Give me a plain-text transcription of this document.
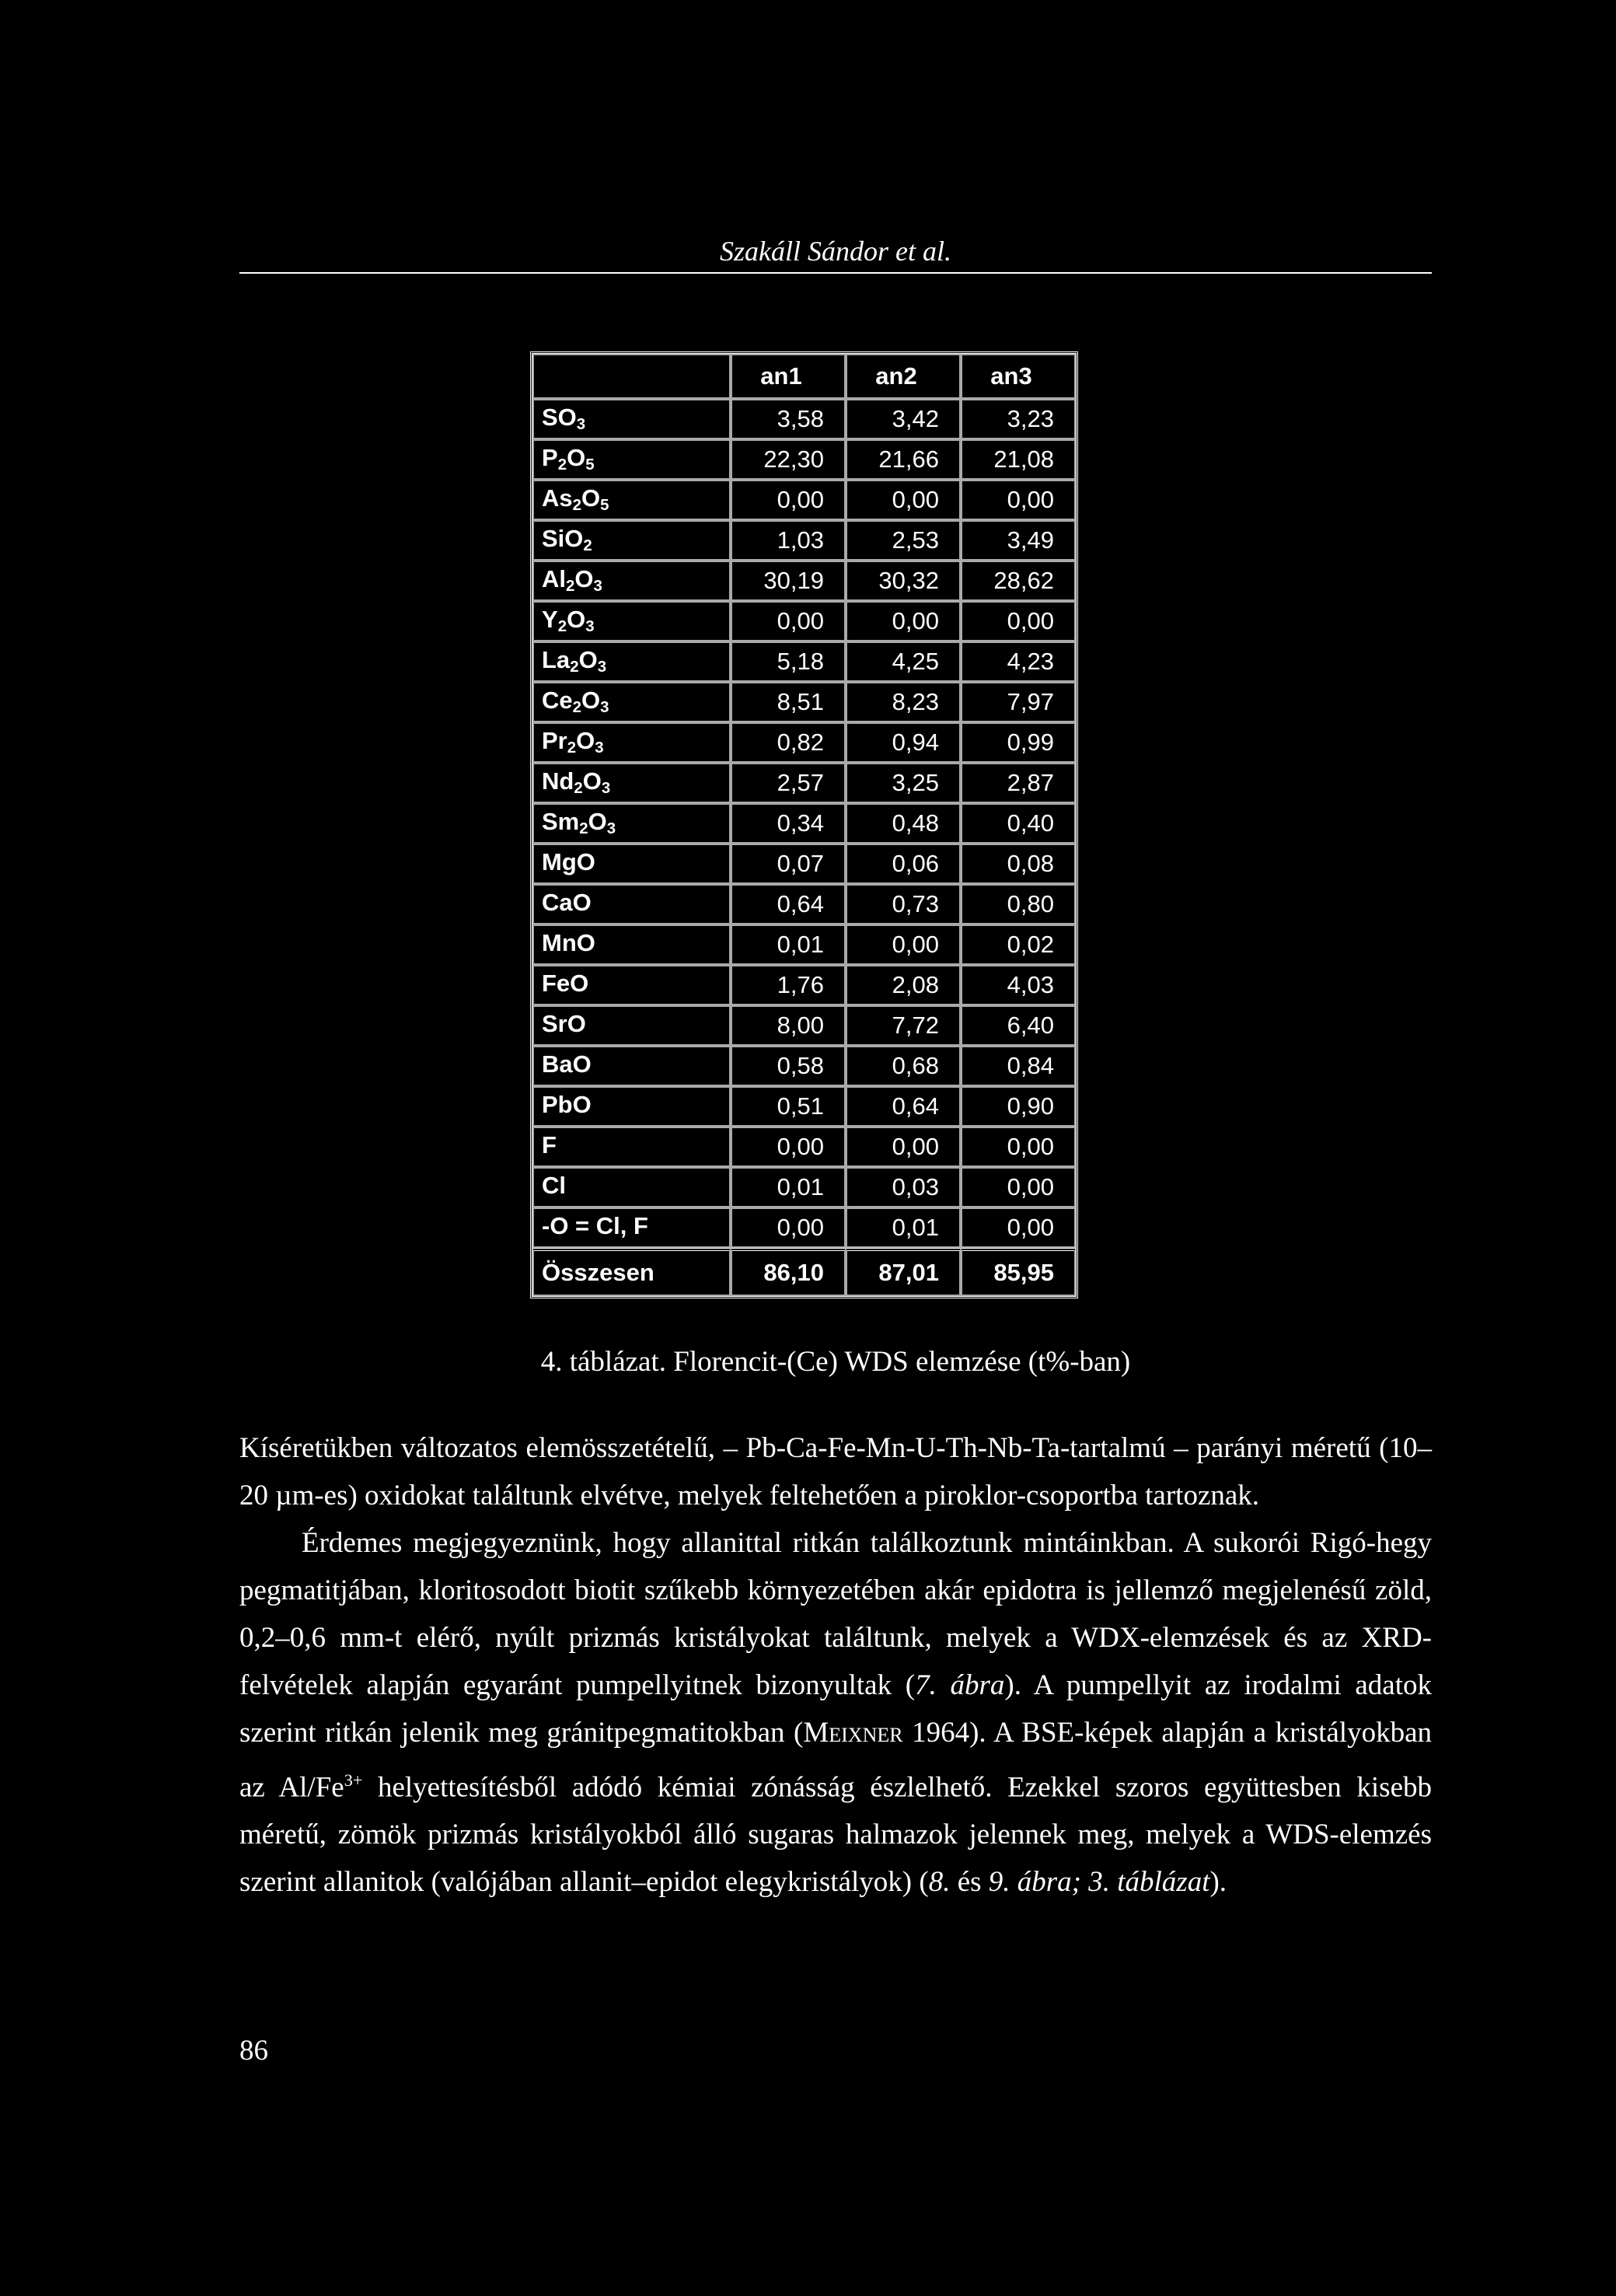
Szakáll Sándor et al.
	an1	an2	an3
$SO_3$	3,58	3,42	3,23
$P_2O_5$	22,30	21,66	21,08
$As_2O_5$	0,00	0,00	0,00
SiO$_2$	1,03	2,53	3,49
$Al_2O_3$	30,19	30,32	28,62
$Y_2O_3$	0,00	0,00	0,00
$La_2O_3$	5,18	4,25	4,23
$Ce_2O_3$	8,51	8,23	7,97
$Pr_2O_3$	0,82	0,94	0,99
$Nd_2O_3$	2,57	3,25	2,87
$Sm_2O_3$	0,34	0,48	0,40
MgO	0,07	0,06	0,08
CaO	0,64	0,73	0,80
MnO	0,01	0,00	0,02
FeO	1,76	2,08	4,03
SrO	8,00	7,72	6,40
BaO	0,58	0,68	0,84
PbO	0,51	0,64	0,90
F	0,00	0,00	0,00
Cl	0,01	0,03	0,00
-O = Cl, F	0,00	0,01	0,00
Összesen	86,10	87,01	85,95
4. táblázat. Florencit-(Ce) WDS elemzése (t%-ban)

Kíséretükben változatos elemösszetételű, – Pb-Ca-Fe-Mn-U-Th-Nb-Ta-tartalmú – parányi méretű (10–20 µm-es) oxidokat találtunk elvétve, melyek feltehetően a piroklor-csoportba tartoznak.

Érdemes megjegyeznünk, hogy allanittal ritkán találkoztunk mintáinkban. A sukorói Rigó-hegy pegmatitjában, kloritosodott biotit szűkebb környezetében akár epidotra is jellemző megjelenésű zöld, 0,2–0,6 mm-t elérő, nyúlt prizmás kristályokat találtunk, melyek a WDX-elemzések és az XRD-felvételek alapján egyaránt pumpellyitnek bizonyultak (7. ábra). A pumpellyit az irodalmi adatok szerint ritkán jelenik meg gránitpegmatitokban (Meixner 1964). A BSE-képek alapján a kristályokban az $Al/Fe^{3+}$ helyettesítésből adódó kémiai zónásság észlelhető. Ezekkel szoros együttesben kisebb méretű, zömök prizmás kristályokból álló sugaras halmazok jelennek meg, melyek a WDS-elemzés szerint allanitok (valójában allanit–epidot elegykristályok) (8. és 9. ábra; 3. táblázat).

86
